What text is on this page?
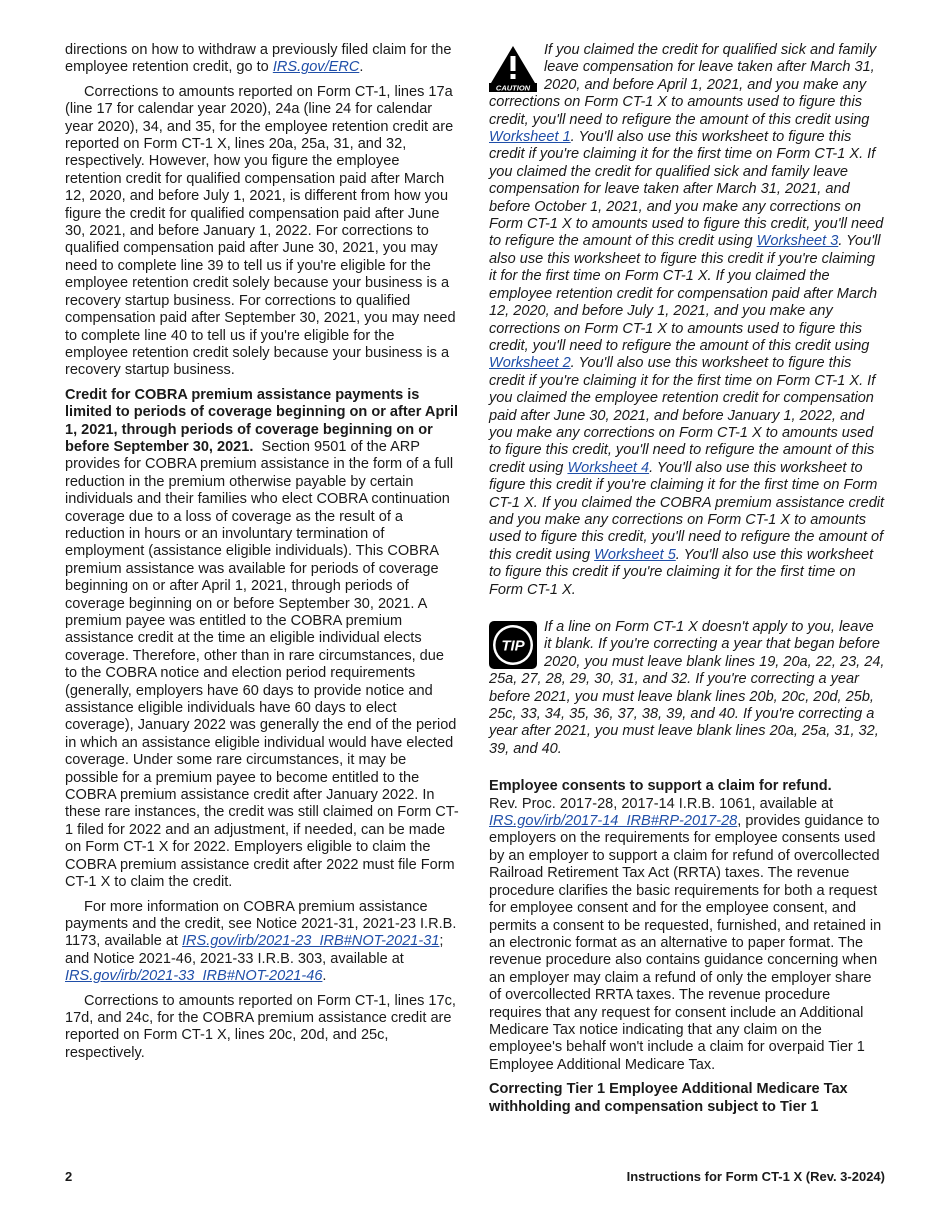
directions on how to withdraw a previously filed claim for the employee retention credit, go to IRS.gov/ERC.

Corrections to amounts reported on Form CT-1, lines 17a (line 17 for calendar year 2020), 24a (line 24 for calendar year 2020), 34, and 35, for the employee retention credit are reported on Form CT-1 X, lines 20a, 25a, 31, and 32, respectively. However, how you figure the employee retention credit for qualified compensation paid after March 12, 2020, and before July 1, 2021, is different from how you figure the credit for qualified compensation paid after June 30, 2021, and before January 1, 2022. For corrections to qualified compensation paid after June 30, 2021, you may need to complete line 39 to tell us if you're eligible for the employee retention credit solely because your business is a recovery startup business. For corrections to qualified compensation paid after September 30, 2021, you may need to complete line 40 to tell us if you're eligible for the employee retention credit solely because your business is a recovery startup business.

Credit for COBRA premium assistance payments is limited to periods of coverage beginning on or after April 1, 2021, through periods of coverage beginning on or before September 30, 2021. Section 9501 of the ARP provides for COBRA premium assistance in the form of a full reduction in the premium otherwise payable by certain individuals and their families who elect COBRA continuation coverage due to a loss of coverage as the result of a reduction in hours or an involuntary termination of employment (assistance eligible individuals). This COBRA premium assistance was available for periods of coverage beginning on or after April 1, 2021, through periods of coverage beginning on or before September 30, 2021. A premium payee was entitled to the COBRA premium assistance credit at the time an eligible individual elects coverage. Therefore, other than in rare circumstances, due to the COBRA notice and election period requirements (generally, employers have 60 days to provide notice and assistance eligible individuals have 60 days to elect coverage), January 2022 was generally the end of the period in which an assistance eligible individual would have elected coverage. Under some rare circumstances, it may be possible for a premium payee to become entitled to the COBRA premium assistance credit after January 2022. In these rare instances, the credit was still claimed on Form CT-1 filed for 2022 and an adjustment, if needed, can be made on Form CT-1 X for 2022. Employers eligible to claim the COBRA premium assistance credit after 2022 must file Form CT-1 X to claim the credit.

For more information on COBRA premium assistance payments and the credit, see Notice 2021-31, 2021-23 I.R.B. 1173, available at IRS.gov/irb/2021-23_IRB#NOT-2021-31; and Notice 2021-46, 2021-33 I.R.B. 303, available at IRS.gov/irb/2021-33_IRB#NOT-2021-46.

Corrections to amounts reported on Form CT-1, lines 17c, 17d, and 24c, for the COBRA premium assistance credit are reported on Form CT-1 X, lines 20c, 20d, and 25c, respectively.

CAUTION
If you claimed the credit for qualified sick and family leave compensation for leave taken after March 31, 2020, and before April 1, 2021, and you make any corrections on Form CT-1 X to amounts used to figure this credit, you'll need to refigure the amount of this credit using Worksheet 1. You'll also use this worksheet to figure this credit if you're claiming it for the first time on Form CT-1 X. If you claimed the credit for qualified sick and family leave compensation for leave taken after March 31, 2021, and before October 1, 2021, and you make any corrections on Form CT-1 X to amounts used to figure this credit, you'll need to refigure the amount of this credit using Worksheet 3. You'll also use this worksheet to figure this credit if you're claiming it for the first time on Form CT-1 X. If you claimed the employee retention credit for compensation paid after March 12, 2020, and before July 1, 2021, and you make any corrections on Form CT-1 X to amounts used to figure this credit, you'll need to refigure the amount of this credit using Worksheet 2. You'll also use this worksheet to figure this credit if you're claiming it for the first time on Form CT-1 X. If you claimed the employee retention credit for compensation paid after June 30, 2021, and before January 1, 2022, and you make any corrections on Form CT-1 X to amounts used to figure this credit, you'll need to refigure the amount of this credit using Worksheet 4. You'll also use this worksheet to figure this credit if you're claiming it for the first time on Form CT-1 X. If you claimed the COBRA premium assistance credit and you make any corrections on Form CT-1 X to amounts used to figure this credit, you'll need to refigure the amount of this credit using Worksheet 5. You'll also use this worksheet to figure this credit if you're claiming it for the first time on Form CT-1 X.
TIP
If a line on Form CT-1 X doesn't apply to you, leave it blank. If you're correcting a year that began before 2020, you must leave blank lines 19, 20a, 22, 23, 24, 25a, 27, 28, 29, 30, 31, and 32. If you're correcting a year before 2021, you must leave blank lines 20b, 20c, 20d, 25b, 25c, 33, 34, 35, 36, 37, 38, 39, and 40. If you're correcting a year after 2021, you must leave blank lines 20a, 25a, 31, 32, 39, and 40.

Employee consents to support a claim for refund.
Rev. Proc. 2017-28, 2017-14 I.R.B. 1061, available at IRS.gov/irb/2017-14_IRB#RP-2017-28, provides guidance to employers on the requirements for employee consents used by an employer to support a claim for refund of overcollected Railroad Retirement Tax Act (RRTA) taxes. The revenue procedure clarifies the basic requirements for both a request for employee consent and for the employee consent, and permits a consent to be requested, furnished, and retained in an electronic format as an alternative to paper format. The revenue procedure also contains guidance concerning when an employer may claim a refund of only the employer share of overcollected RRTA taxes. The revenue procedure requires that any request for consent include an Additional Medicare Tax notice indicating that any claim on the employee's behalf won't include a claim for overpaid Tier 1 Employee Additional Medicare Tax.

Correcting Tier 1 Employee Additional Medicare Tax withholding and compensation subject to Tier 1

2	Instructions for Form CT-1 X (Rev. 3-2024)
